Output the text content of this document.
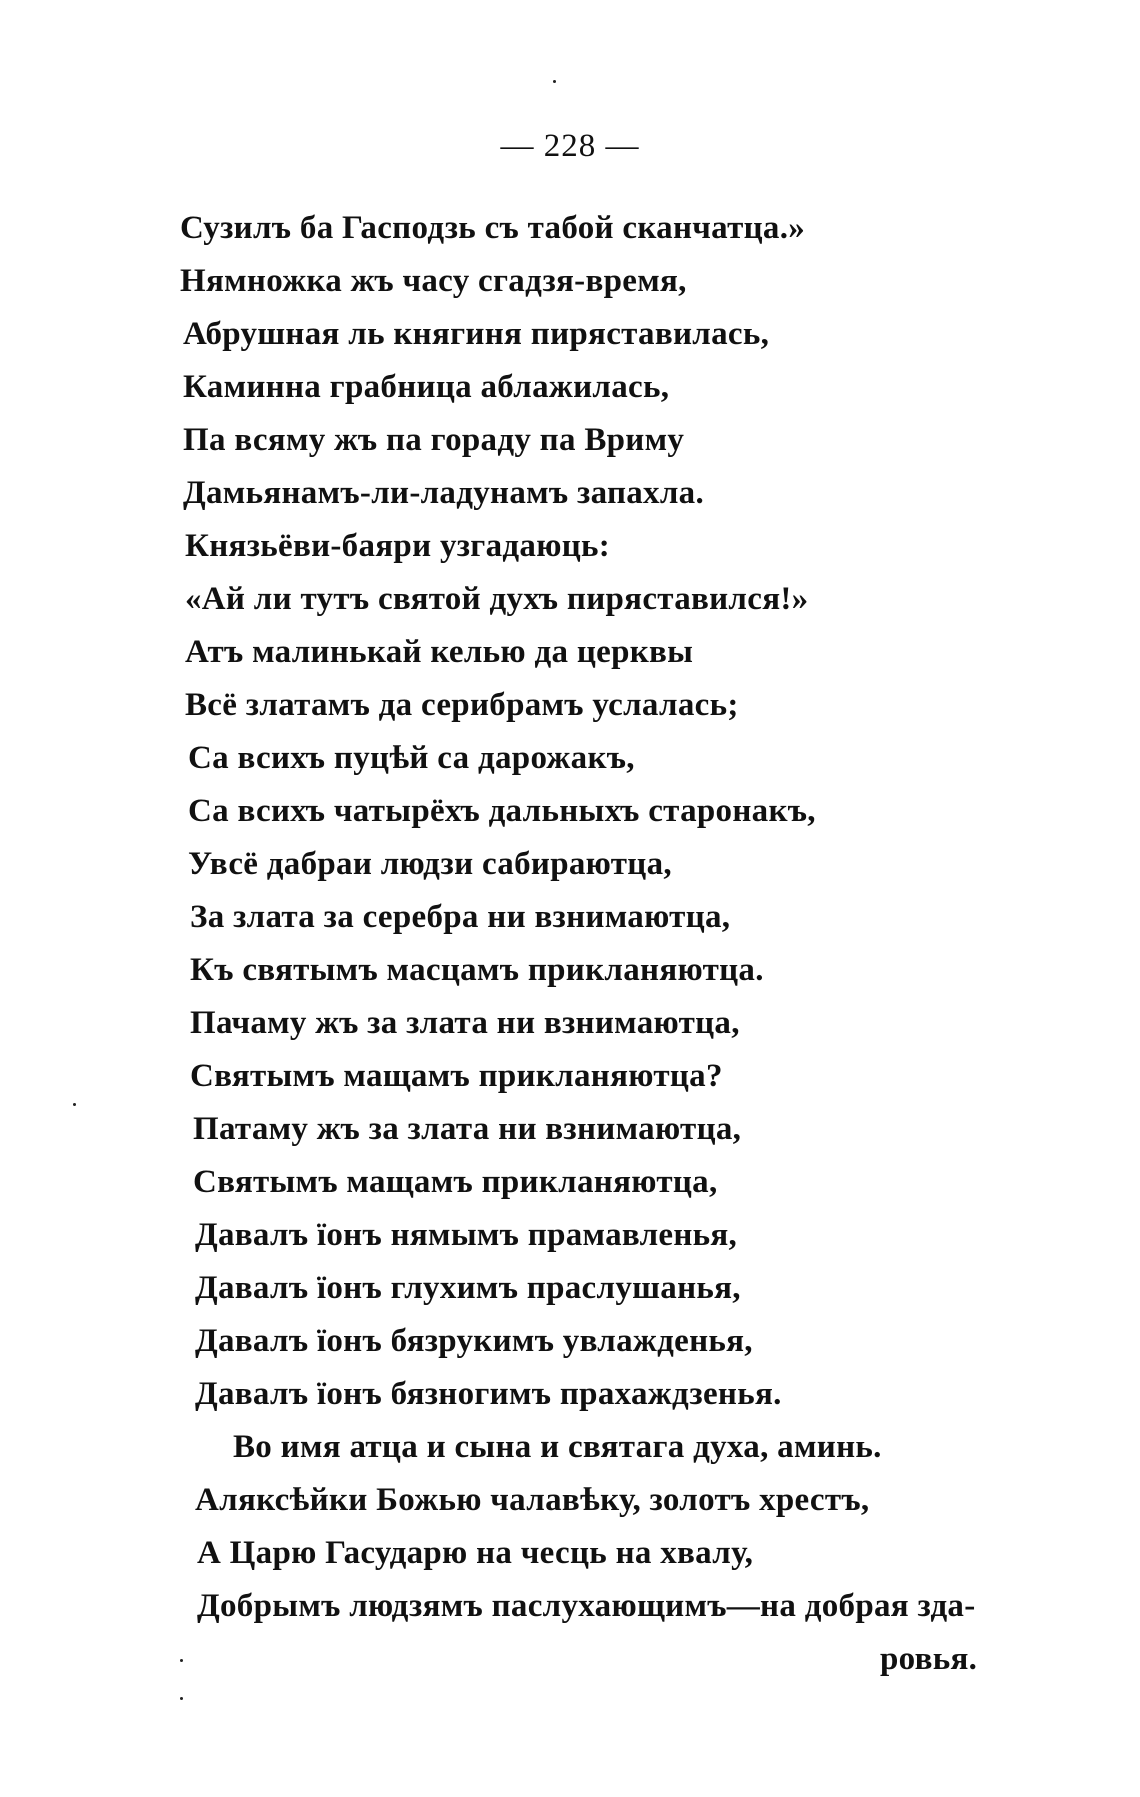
— 228 —
Сузилъ ба Гасподзь съ табой сканчатца.»
Нямножка жъ часу сгадзя-время,
Абрушная ль княгиня пиряставилась,
Каминна грабница аблажилась,
Па всяму жъ па гораду па Вриму
Дамьянамъ-ли-ладунамъ запахла.
Князьёви-баяри узгадаюць:
«Ай ли тутъ святой духъ пиряставился!»
Атъ малинькай келью да церквы
Всё златамъ да серибрамъ услалась;
Са всихъ пуцѣй са дарожакъ,
Са всихъ чатырёхъ дальныхъ старонакъ,
Увсё дабраи людзи сабираютца,
За злата за серебра ни взнимаютца,
Къ святымъ масцамъ прикланяютца.
Пачаму жъ за злата ни взнимаютца,
Святымъ мащамъ прикланяютца?
Патаму жъ за злата ни взнимаютца,
Святымъ мащамъ прикланяютца,
Давалъ їонъ нямымъ прамавленья,
Давалъ їонъ глухимъ праслушанья,
Давалъ їонъ бязрукимъ увлажденья,
Давалъ їонъ бязногимъ прахаждзенья.
Во имя атца и сына и святага духа, аминь.
Аляксѣйки Божью чалавѣку, золотъ хрестъ,
А Царю Гасударю на чесць на хвалу,
Добрымъ людзямъ паслухающимъ—на добрая зда-
ровья.
